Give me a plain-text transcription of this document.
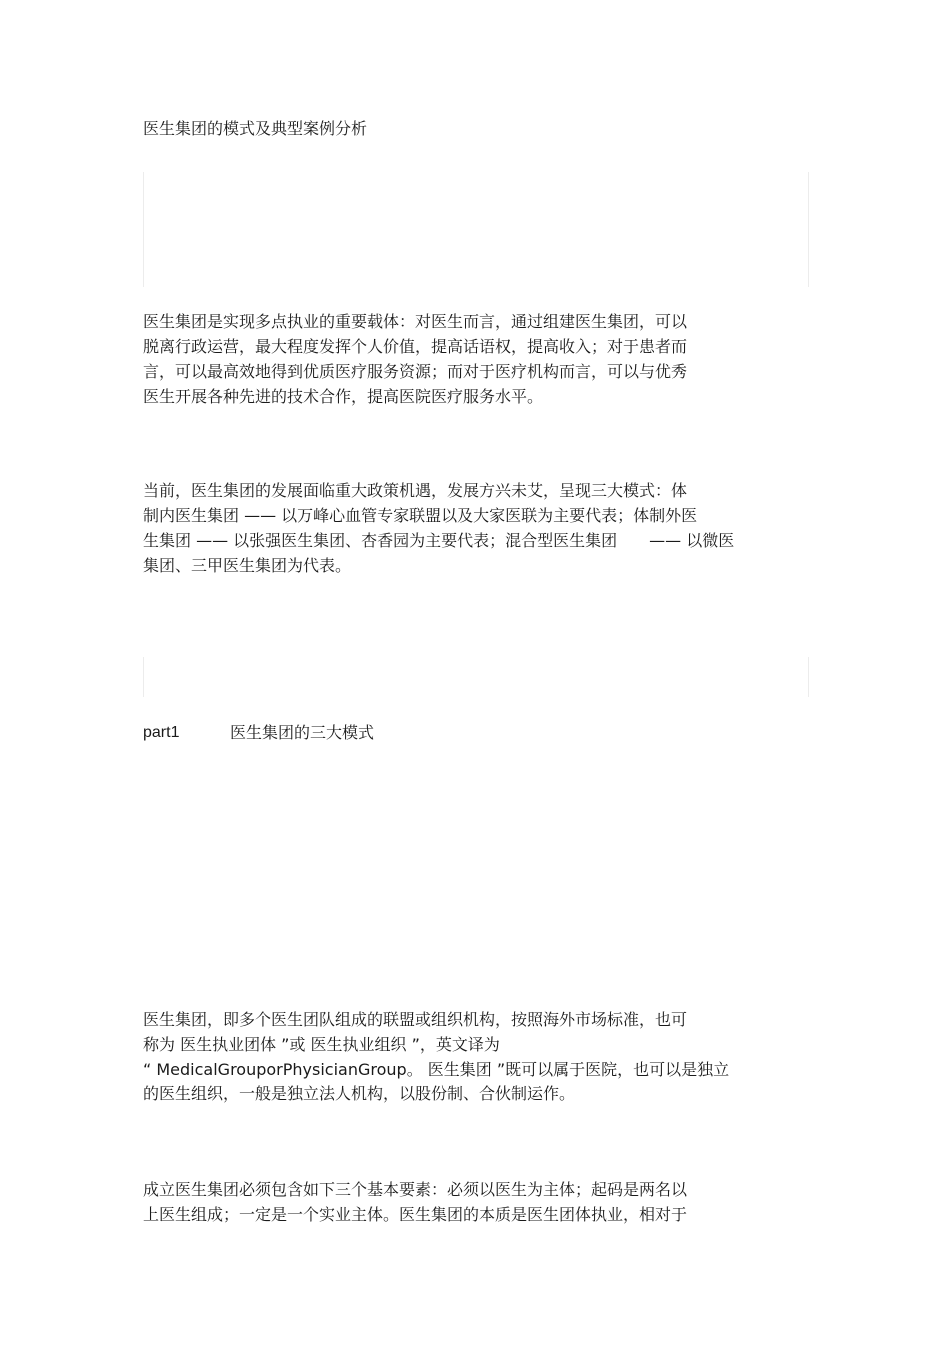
医生集团的模式及典型案例分析
医生集团是实现多点执业的重要载体：对医生而言，通过组建医生集团，可以
脱离行政运营，最大程度发挥个人价值，提高话语权，提高收入；对于患者而
言，可以最高效地得到优质医疗服务资源；而对于医疗机构而言，可以与优秀
医生开展各种先进的技术合作，提高医院医疗服务水平。
当前，医生集团的发展面临重大政策机遇，发展方兴未艾，呈现三大模式：体
制内医生集团 —— 以万峰心血管专家联盟以及大家医联为主要代表；体制外医
生集团 —— 以张强医生集团、杏香园为主要代表；混合型医生集团　　—— 以微医
集团、三甲医生集团为代表。
part1	医生集团的三大模式
医生集团，即多个医生团队组成的联盟或组织机构，按照海外市场标准，也可
称为 医生执业团体 ”或 医生执业组织 ”，英文译为
“ MedicalGrouporPhysicianGroup。 医生集团 ”既可以属于医院，也可以是独立
的医生组织，一般是独立法人机构，以股份制、合伙制运作。
成立医生集团必须包含如下三个基本要素：必须以医生为主体；起码是两名以
上医生组成；一定是一个实业主体。医生集团的本质是医生团体执业，相对于
